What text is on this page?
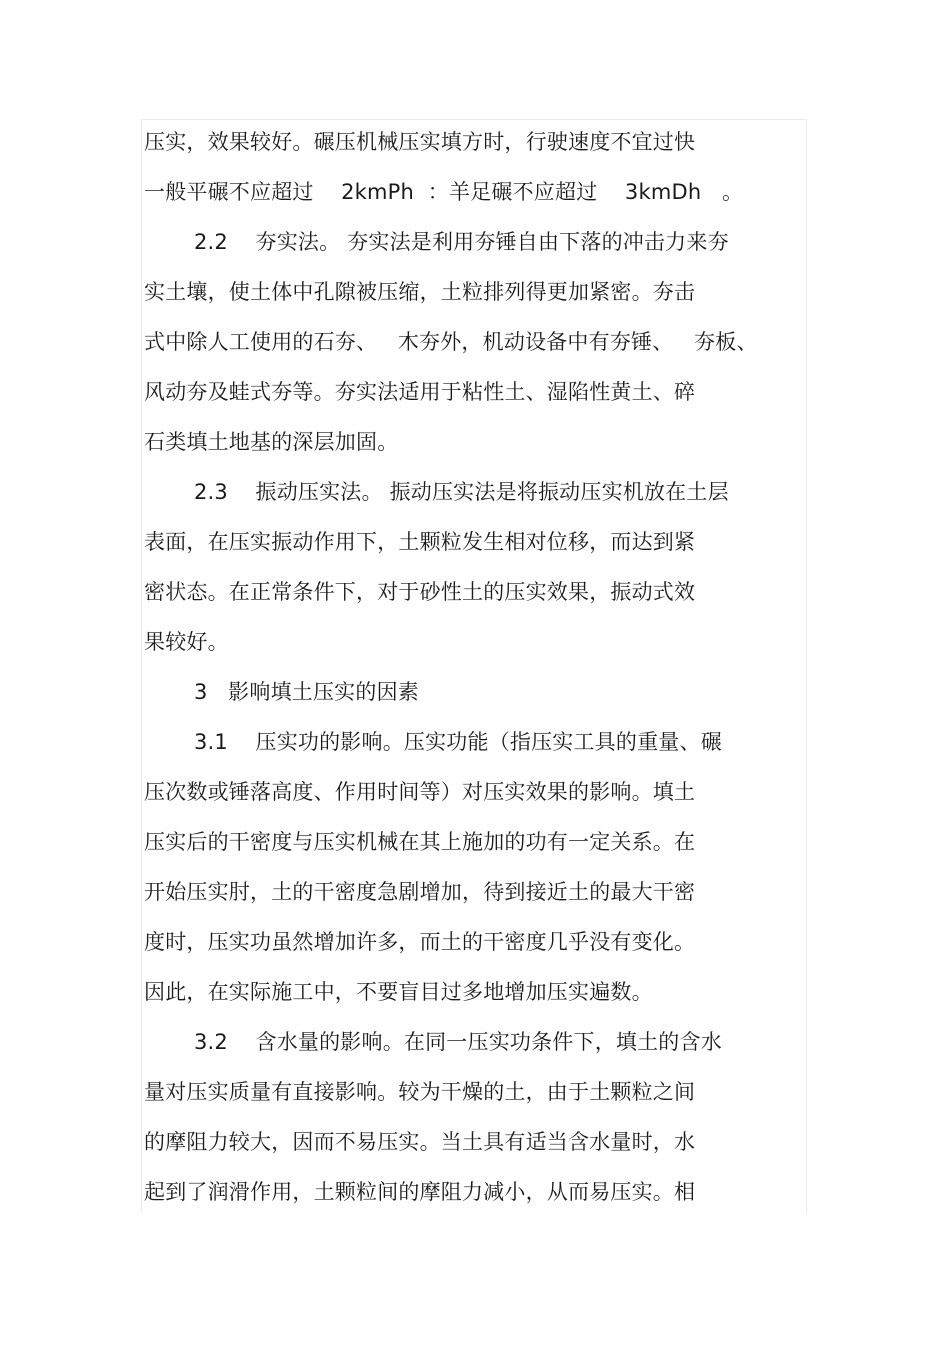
压实，效果较好。碾压机械压实填方时，行驶速度不宜过快
一般平碾不应超过    2kmPh  ：羊足碾不应超过    3kmDh   。
2.2    夯实法。 夯实法是利用夯锤自由下落的冲击力来夯
实土壤，使土体中孔隙被压缩，土粒排列得更加紧密。夯击
式中除人工使用的石夯、   木夯外，机动设备中有夯锤、   夯板、
风动夯及蛙式夯等。夯实法适用于粘性土、湿陷性黄土、碎
石类填土地基的深层加固。
2.3    振动压实法。 振动压实法是将振动压实机放在土层
表面，在压实振动作用下，土颗粒发生相对位移，而达到紧
密状态。在正常条件下，对于砂性土的压实效果，振动式效
果较好。
3   影响填土压实的因素
3.1    压实功的影响。压实功能（指压实工具的重量、碾
压次数或锤落高度、作用时间等）对压实效果的影响。填土
压实后的干密度与压实机械在其上施加的功有一定关系。在
开始压实肘，土的干密度急剧增加，待到接近土的最大干密
度时，压实功虽然增加许多，而土的干密度几乎没有变化。
因此，在实际施工中，不要盲目过多地增加压实遍数。
3.2    含水量的影响。在同一压实功条件下，填土的含水
量对压实质量有直接影响。较为干燥的土，由于土颗粒之间
的摩阻力较大，因而不易压实。当土具有适当含水量时，水
起到了润滑作用，土颗粒间的摩阻力减小，从而易压实。相
